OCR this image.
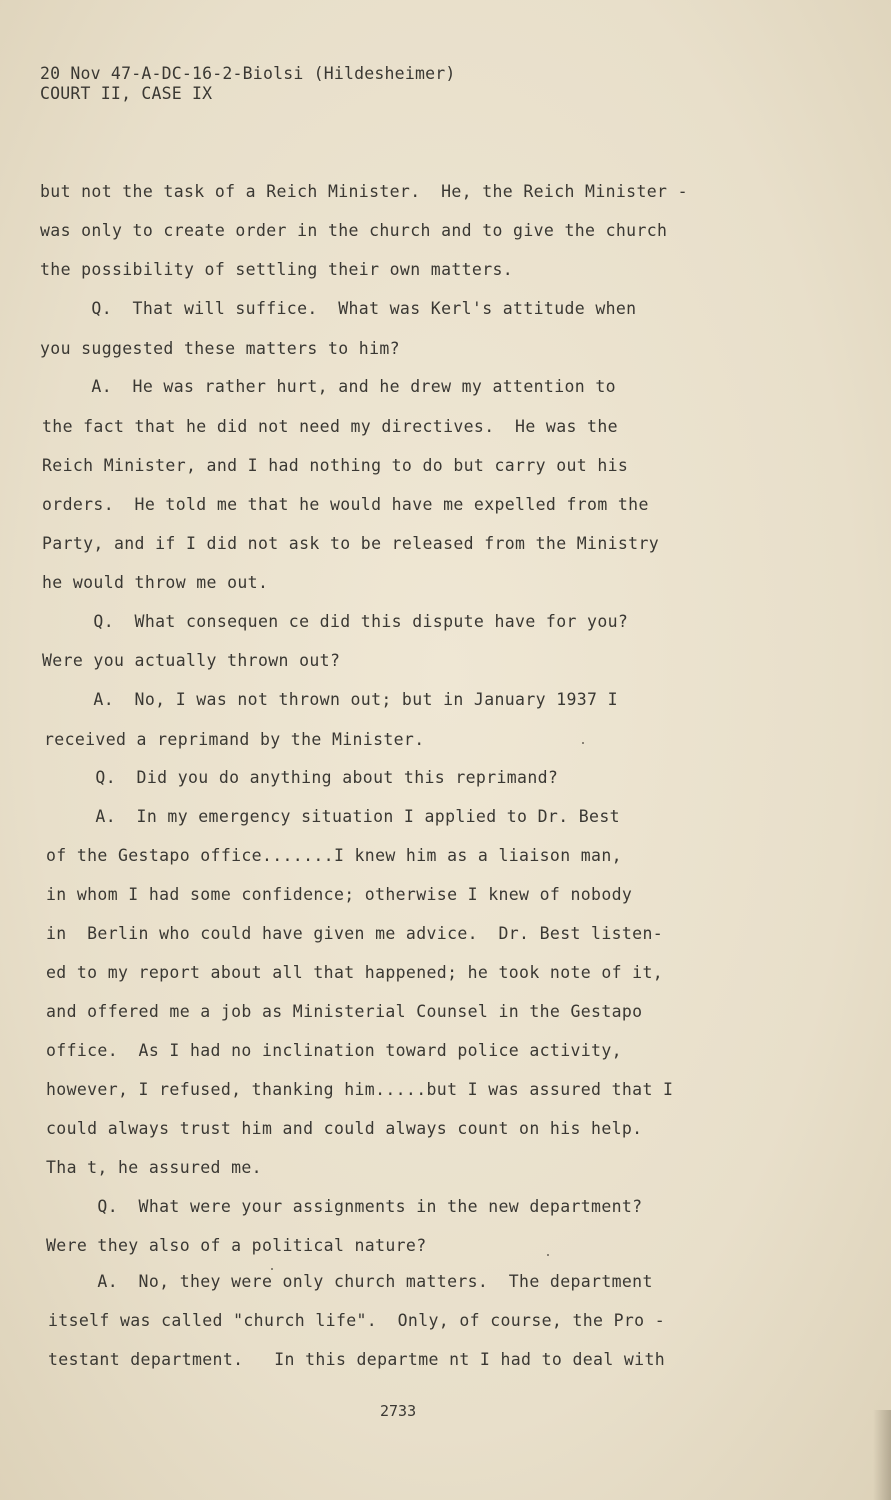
20 Nov 47-A-DC-16-2-Biolsi (Hildesheimer)
COURT II, CASE IX
but not the task of a Reich Minister.  He, the Reich Minister -
was only to create order in the church and to give the church
the possibility of settling their own matters.
Q.  That will suffice.  What was Kerl's attitude when
you suggested these matters to him?
A.  He was rather hurt, and he drew my attention to
the fact that he did not need my directives.  He was the
Reich Minister, and I had nothing to do but carry out his
orders.  He told me that he would have me expelled from the
Party, and if I did not ask to be released from the Ministry
he would throw me out.
Q.  What consequen ce did this dispute have for you?
Were you actually thrown out?
A.  No, I was not thrown out; but in January 1937 I
received a reprimand by the Minister.
Q.  Did you do anything about this reprimand?
A.  In my emergency situation I applied to Dr. Best
of the Gestapo office.......I knew him as a liaison man,
in whom I had some confidence; otherwise I knew of nobody
in  Berlin who could have given me advice.  Dr. Best listen-
ed to my report about all that happened; he took note of it,
and offered me a job as Ministerial Counsel in the Gestapo
office.  As I had no inclination toward police activity,
however, I refused, thanking him.....but I was assured that I
could always trust him and could always count on his help.
Tha t, he assured me.
Q.  What were your assignments in the new department?
Were they also of a political nature?
A.  No, they were only church matters.  The department
itself was called "church life".  Only, of course, the Pro -
testant department.   In this departme nt I had to deal with
2733
